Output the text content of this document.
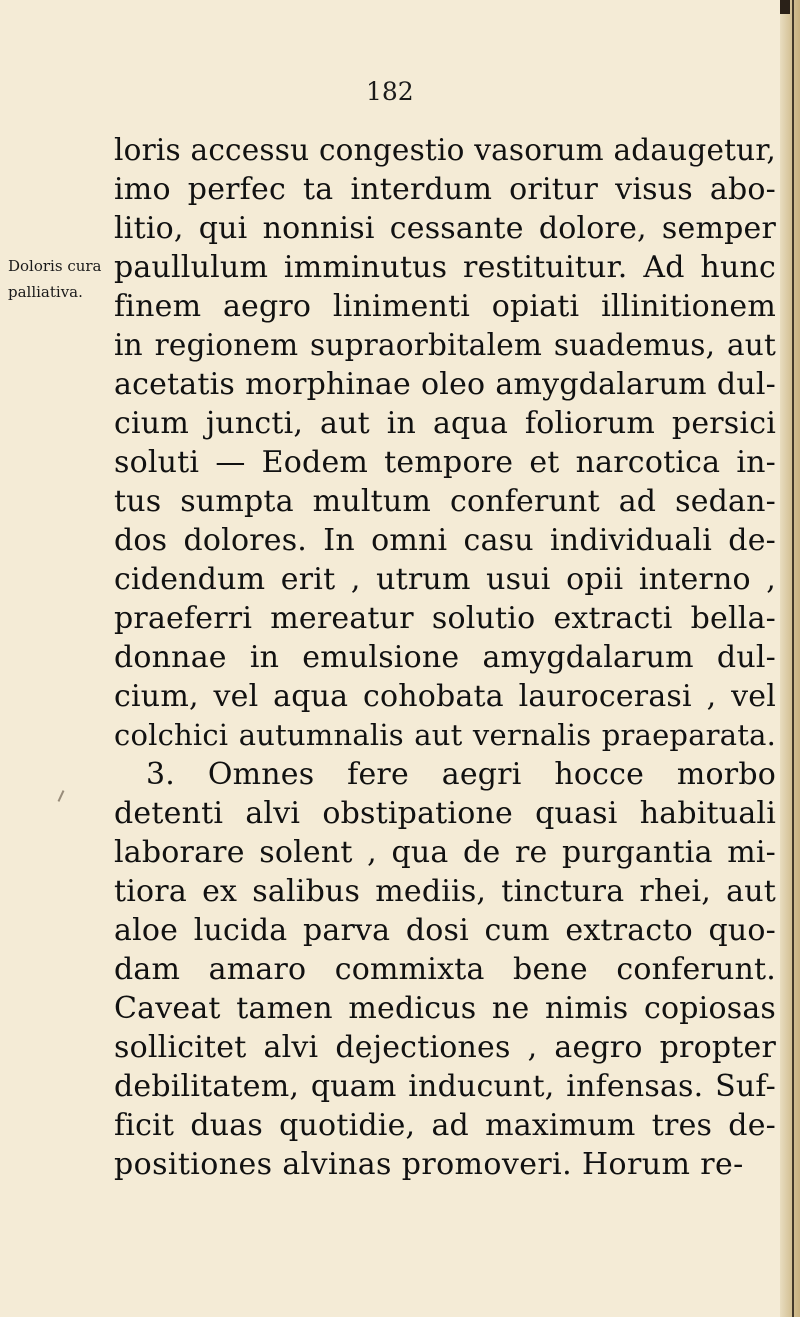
182
Doloris cura
palliativa.
loris accessu congestio vasorum adaugetur,
imo perfec ta interdum oritur visus abo-
litio, qui nonnisi cessante dolore, semper
paullulum imminutus restituitur. Ad hunc
finem aegro linimenti opiati illinitionem
in regionem supraorbitalem suademus, aut
acetatis morphinae oleo amygdalarum dul-
cium juncti, aut in aqua foliorum persici
soluti — Eodem tempore et narcotica in-
tus sumpta multum conferunt ad sedan-
dos dolores. In omni casu individuali de-
cidendum erit , utrum usui opii interno ,
praeferri mereatur solutio extracti bella-
donnae in emulsione amygdalarum dul-
cium, vel aqua cohobata laurocerasi , vel
colchici autumnalis aut vernalis praeparata.
3. Omnes fere aegri hocce morbo
detenti alvi obstipatione quasi habituali
laborare solent , qua de re purgantia mi-
tiora ex salibus mediis, tinctura rhei, aut
aloe lucida parva dosi cum extracto quo-
dam amaro commixta bene conferunt.
Caveat tamen medicus ne nimis copiosas
sollicitet alvi dejectiones , aegro propter
debilitatem, quam inducunt, infensas. Suf-
ficit duas quotidie, ad maximum tres de-
positiones alvinas promoveri. Horum re-
